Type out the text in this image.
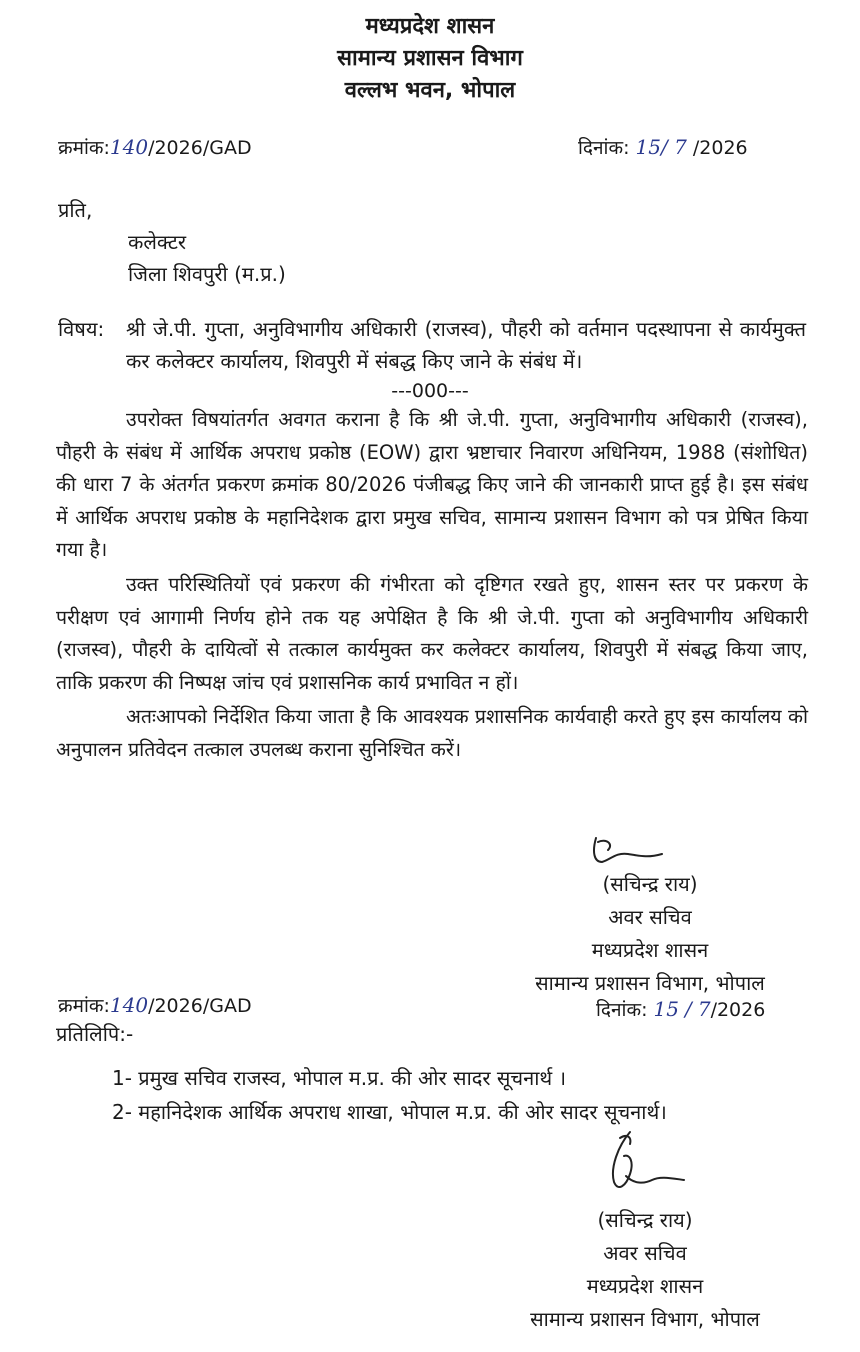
मध्यप्रदेश शासन
सामान्य प्रशासन विभाग
वल्लभ भवन, भोपाल
क्रमांक:140/2026/GAD	दिनांक: 15/ 7 /2026
प्रति,
कलेक्टर
जिला शिवपुरी (म.प्र.)
विषय:	श्री जे.पी. गुप्ता, अनुविभागीय अधिकारी (राजस्व), पौहरी को वर्तमान पदस्थापना से कार्यमुक्त कर कलेक्टर कार्यालय, शिवपुरी में संबद्ध किए जाने के संबंध में।
---000---

उपरोक्त विषयांतर्गत अवगत कराना है कि श्री जे.पी. गुप्ता, अनुविभागीय अधिकारी (राजस्व), पौहरी के संबंध में आर्थिक अपराध प्रकोष्ठ (EOW) द्वारा भ्रष्टाचार निवारण अधिनियम, 1988 (संशोधित) की धारा 7 के अंतर्गत प्रकरण क्रमांक 80/2026 पंजीबद्ध किए जाने की जानकारी प्राप्त हुई है। इस संबंध में आर्थिक अपराध प्रकोष्ठ के महानिदेशक द्वारा प्रमुख सचिव, सामान्य प्रशासन विभाग को पत्र प्रेषित किया गया है।

उक्त परिस्थितियों एवं प्रकरण की गंभीरता को दृष्टिगत रखते हुए, शासन स्तर पर प्रकरण के परीक्षण एवं आगामी निर्णय होने तक यह अपेक्षित है कि श्री जे.पी. गुप्ता को अनुविभागीय अधिकारी (राजस्व), पौहरी के दायित्वों से तत्काल कार्यमुक्त कर कलेक्टर कार्यालय, शिवपुरी में संबद्ध किया जाए, ताकि प्रकरण की निष्पक्ष जांच एवं प्रशासनिक कार्य प्रभावित न हों।

अतःआपको निर्देशित किया जाता है कि आवश्यक प्रशासनिक कार्यवाही करते हुए इस कार्यालय को अनुपालन प्रतिवेदन तत्काल उपलब्ध कराना सुनिश्चित करें।

(सचिन्द्र राय)
अवर सचिव
मध्यप्रदेश शासन
सामान्य प्रशासन विभाग, भोपाल
क्रमांक:140/2026/GAD	दिनांक: 15 / 7/2026
प्रतिलिपि:-
1- प्रमुख सचिव राजस्व, भोपाल म.प्र. की ओर सादर सूचनार्थ ।
2- महानिदेशक आर्थिक अपराध शाखा, भोपाल म.प्र. की ओर सादर सूचनार्थ।
(सचिन्द्र राय)
अवर सचिव
मध्यप्रदेश शासन
सामान्य प्रशासन विभाग, भोपाल
